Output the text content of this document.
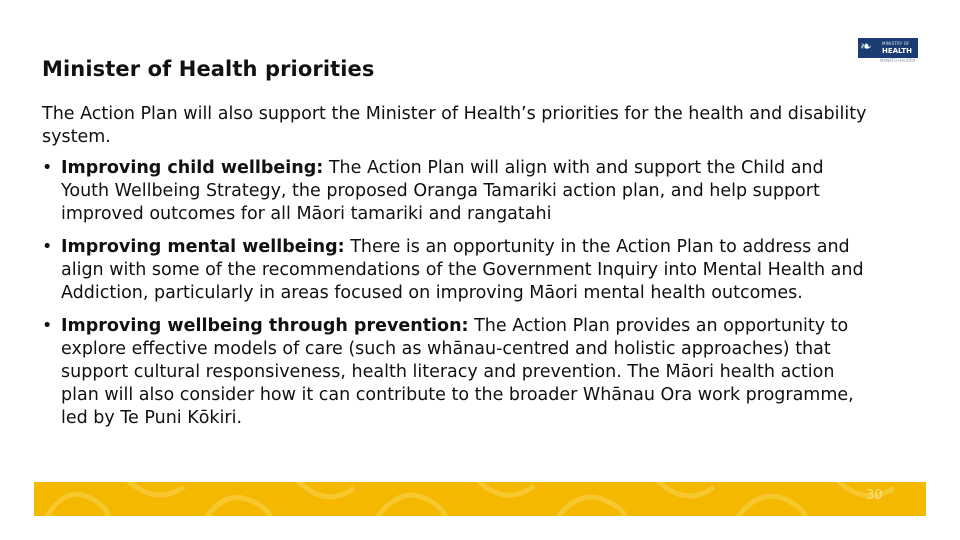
Minister of Health priorities
❧	MINISTRY OF
HEALTH
MANATŪ HAUORA

The Action Plan will also support the Minister of Health’s priorities for the health and disability system.

• Improving child wellbeing: The Action Plan will align with and support the Child and Youth Wellbeing Strategy, the proposed Oranga Tamariki action plan, and help support improved outcomes for all Māori tamariki and rangatahi
• Improving mental wellbeing: There is an opportunity in the Action Plan to address and align with some of the recommendations of the Government Inquiry into Mental Health and Addiction, particularly in areas focused on improving Māori mental health outcomes.
• Improving wellbeing through prevention: The Action Plan provides an opportunity to explore effective models of care (such as whānau-centred and holistic approaches) that support cultural responsiveness, health literacy and prevention. The Māori health action plan will also consider how it can contribute to the broader Whānau Ora work programme, led by Te Puni Kōkiri.
30
